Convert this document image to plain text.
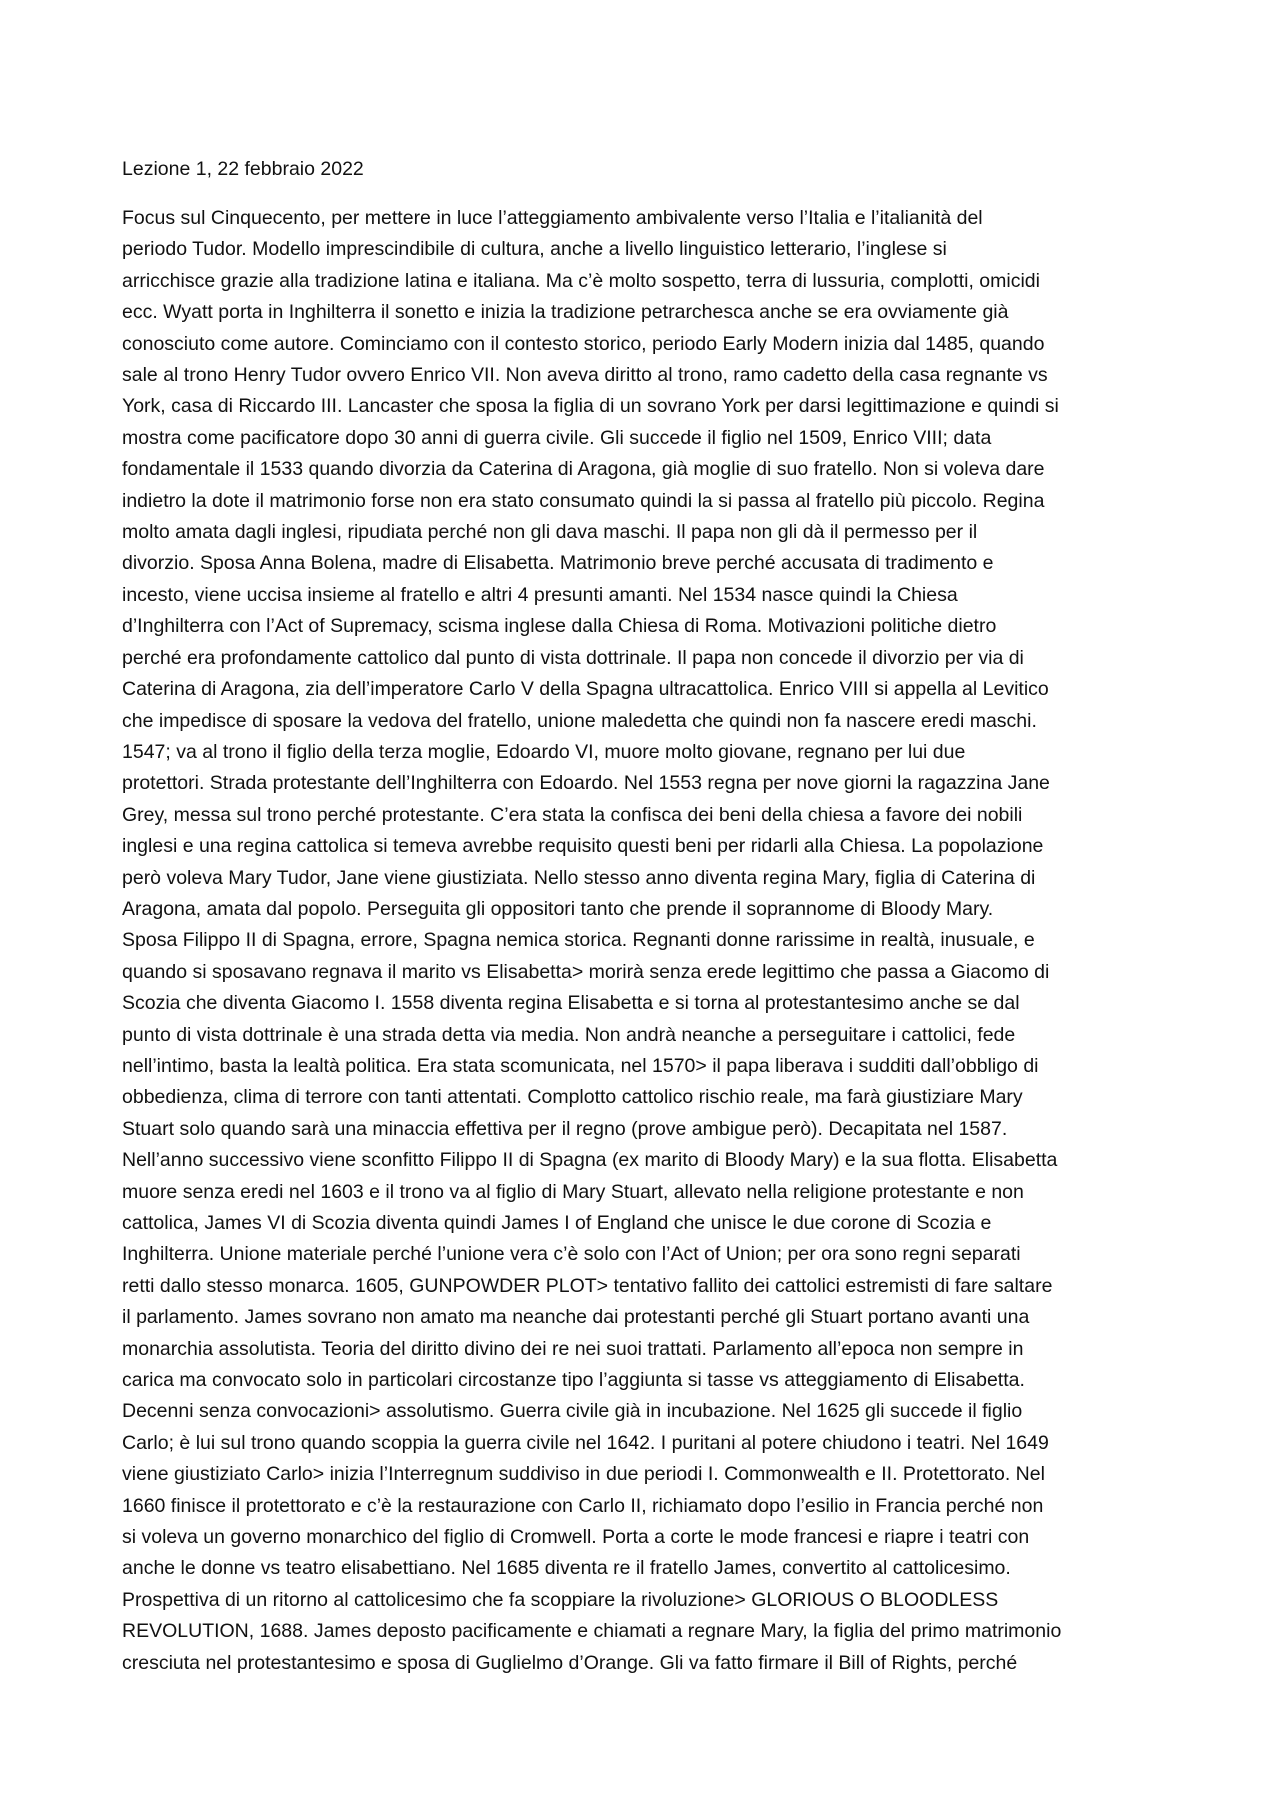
Lezione 1, 22 febbraio 2022
Focus sul Cinquecento, per mettere in luce l’atteggiamento ambivalente verso l’Italia e l’italianità del
periodo Tudor. Modello imprescindibile di cultura, anche a livello linguistico letterario, l’inglese si
arricchisce grazie alla tradizione latina e italiana. Ma c’è molto sospetto, terra di lussuria, complotti, omicidi
ecc. Wyatt porta in Inghilterra il sonetto e inizia la tradizione petrarchesca anche se era ovviamente già
conosciuto come autore. Cominciamo con il contesto storico, periodo Early Modern inizia dal 1485, quando
sale al trono Henry Tudor ovvero Enrico VII. Non aveva diritto al trono, ramo cadetto della casa regnante vs
York, casa di Riccardo III. Lancaster che sposa la figlia di un sovrano York per darsi legittimazione e quindi si
mostra come pacificatore dopo 30 anni di guerra civile. Gli succede il figlio nel 1509, Enrico VIII; data
fondamentale il 1533 quando divorzia da Caterina di Aragona, già moglie di suo fratello. Non si voleva dare
indietro la dote il matrimonio forse non era stato consumato quindi la si passa al fratello più piccolo. Regina
molto amata dagli inglesi, ripudiata perché non gli dava maschi. Il papa non gli dà il permesso per il
divorzio. Sposa Anna Bolena, madre di Elisabetta. Matrimonio breve perché accusata di tradimento e
incesto, viene uccisa insieme al fratello e altri 4 presunti amanti. Nel 1534 nasce quindi la Chiesa
d’Inghilterra con l’Act of Supremacy, scisma inglese dalla Chiesa di Roma. Motivazioni politiche dietro
perché era profondamente cattolico dal punto di vista dottrinale. Il papa non concede il divorzio per via di
Caterina di Aragona, zia dell’imperatore Carlo V della Spagna ultracattolica. Enrico VIII si appella al Levitico
che impedisce di sposare la vedova del fratello, unione maledetta che quindi non fa nascere eredi maschi.
1547; va al trono il figlio della terza moglie, Edoardo VI, muore molto giovane, regnano per lui due
protettori. Strada protestante dell’Inghilterra con Edoardo. Nel 1553 regna per nove giorni la ragazzina Jane
Grey, messa sul trono perché protestante. C’era stata la confisca dei beni della chiesa a favore dei nobili
inglesi e una regina cattolica si temeva avrebbe requisito questi beni per ridarli alla Chiesa. La popolazione
però voleva Mary Tudor, Jane viene giustiziata. Nello stesso anno diventa regina Mary, figlia di Caterina di
Aragona, amata dal popolo. Perseguita gli oppositori tanto che prende il soprannome di Bloody Mary.
Sposa Filippo II di Spagna, errore, Spagna nemica storica. Regnanti donne rarissime in realtà, inusuale, e
quando si sposavano regnava il marito vs Elisabetta> morirà senza erede legittimo che passa a Giacomo di
Scozia che diventa Giacomo I. 1558 diventa regina Elisabetta e si torna al protestantesimo anche se dal
punto di vista dottrinale è una strada detta via media. Non andrà neanche a perseguitare i cattolici, fede
nell’intimo, basta la lealtà politica. Era stata scomunicata, nel 1570> il papa liberava i sudditi dall’obbligo di
obbedienza, clima di terrore con tanti attentati. Complotto cattolico rischio reale, ma farà giustiziare Mary
Stuart solo quando sarà una minaccia effettiva per il regno (prove ambigue però). Decapitata nel 1587.
Nell’anno successivo viene sconfitto Filippo II di Spagna (ex marito di Bloody Mary) e la sua flotta. Elisabetta
muore senza eredi nel 1603 e il trono va al figlio di Mary Stuart, allevato nella religione protestante e non
cattolica, James VI di Scozia diventa quindi James I of England che unisce le due corone di Scozia e
Inghilterra. Unione materiale perché l’unione vera c’è solo con l’Act of Union; per ora sono regni separati
retti dallo stesso monarca. 1605, GUNPOWDER PLOT> tentativo fallito dei cattolici estremisti di fare saltare
il parlamento. James sovrano non amato ma neanche dai protestanti perché gli Stuart portano avanti una
monarchia assolutista. Teoria del diritto divino dei re nei suoi trattati. Parlamento all’epoca non sempre in
carica ma convocato solo in particolari circostanze tipo l’aggiunta si tasse vs atteggiamento di Elisabetta.
Decenni senza convocazioni> assolutismo. Guerra civile già in incubazione. Nel 1625 gli succede il figlio
Carlo; è lui sul trono quando scoppia la guerra civile nel 1642. I puritani al potere chiudono i teatri. Nel 1649
viene giustiziato Carlo> inizia l’Interregnum suddiviso in due periodi I. Commonwealth e II. Protettorato. Nel
1660 finisce il protettorato e c’è la restaurazione con Carlo II, richiamato dopo l’esilio in Francia perché non
si voleva un governo monarchico del figlio di Cromwell. Porta a corte le mode francesi e riapre i teatri con
anche le donne vs teatro elisabettiano. Nel 1685 diventa re il fratello James, convertito al cattolicesimo.
Prospettiva di un ritorno al cattolicesimo che fa scoppiare la rivoluzione> GLORIOUS O BLOODLESS
REVOLUTION, 1688. James deposto pacificamente e chiamati a regnare Mary, la figlia del primo matrimonio
cresciuta nel protestantesimo e sposa di Guglielmo d’Orange. Gli va fatto firmare il Bill of Rights, perché
